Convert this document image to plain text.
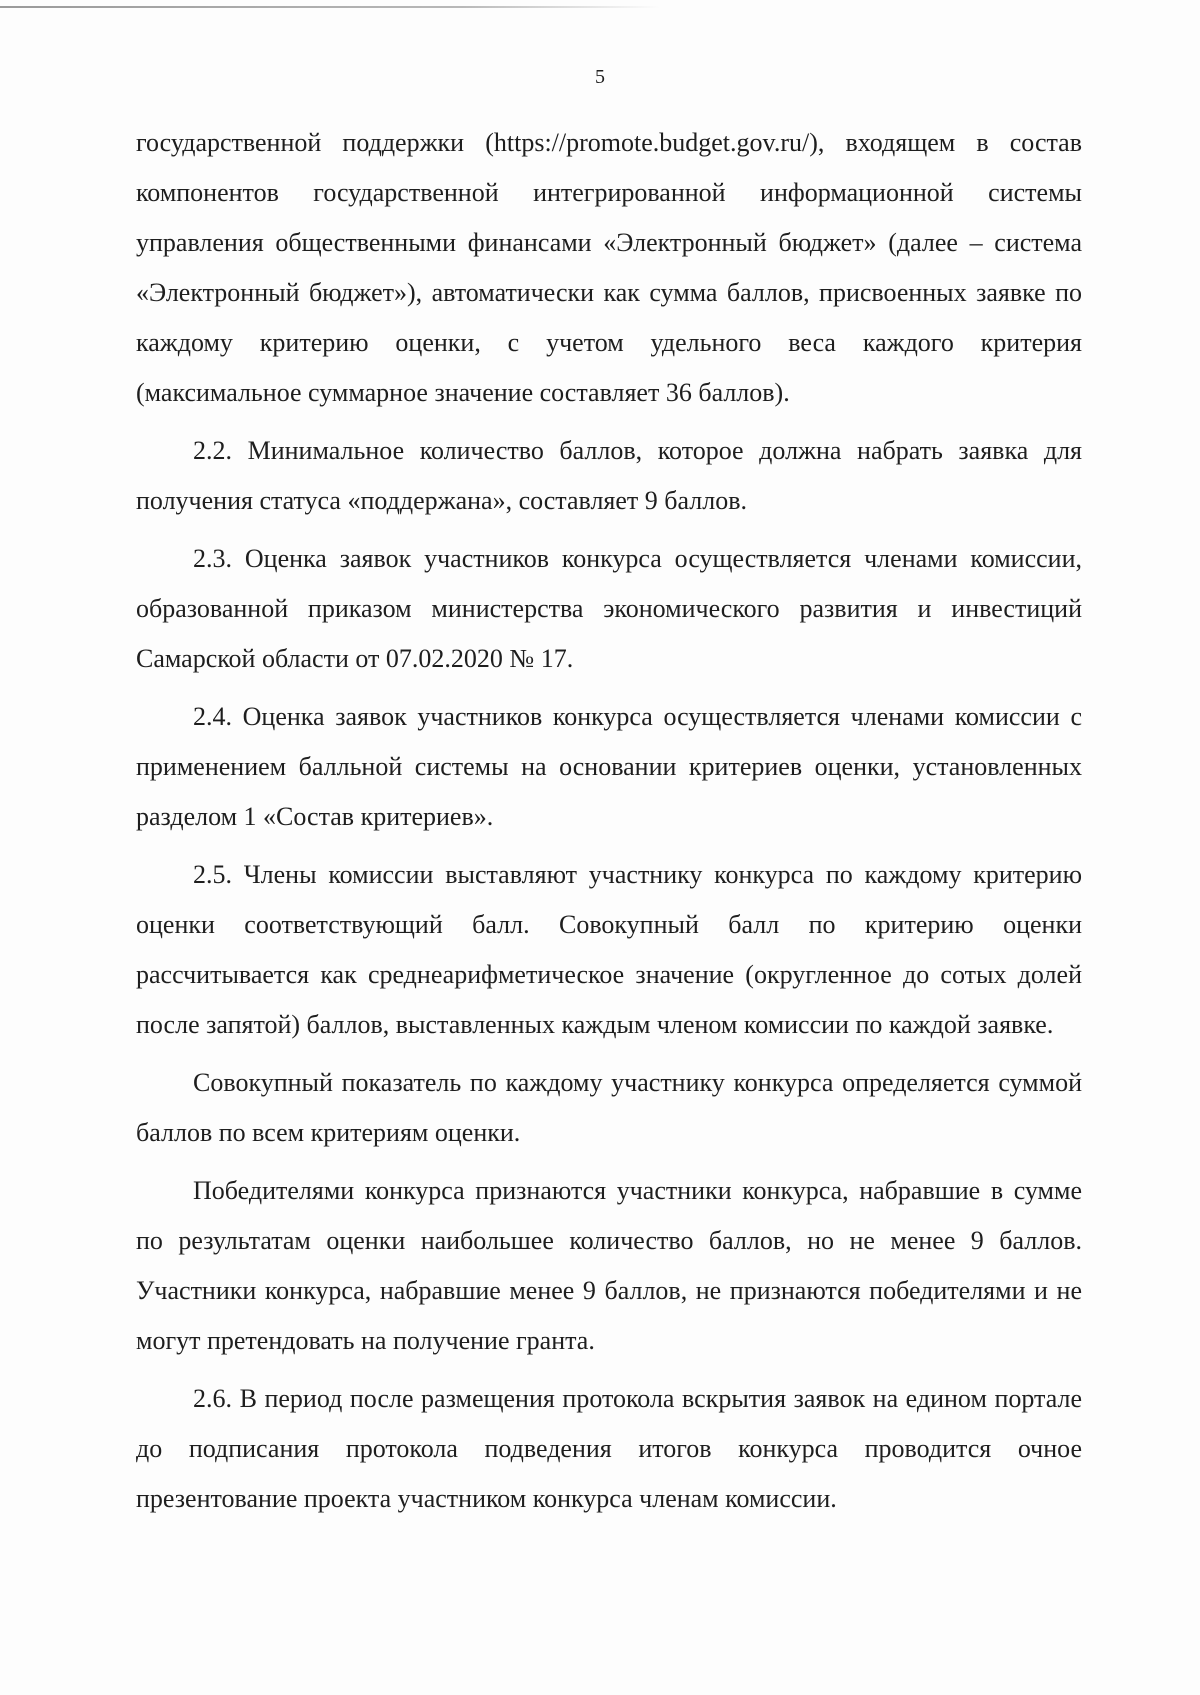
5

государственной поддержки (https://promote.budget.gov.ru/), входящем в состав компонентов государственной интегрированной информационной системы управления общественными финансами «Электронный бюджет» (далее – система «Электронный бюджет»), автоматически как сумма баллов, присвоенных заявке по каждому критерию оценки, с учетом удельного веса каждого критерия (максимальное суммарное значение составляет 36 баллов).

2.2. Минимальное количество баллов, которое должна набрать заявка для получения статуса «поддержана», составляет 9 баллов.

2.3. Оценка заявок участников конкурса осуществляется членами комиссии, образованной приказом министерства экономического развития и инвестиций Самарской области от 07.02.2020 № 17.

2.4. Оценка заявок участников конкурса осуществляется членами комиссии с применением балльной системы на основании критериев оценки, установленных разделом 1 «Состав критериев».

2.5. Члены комиссии выставляют участнику конкурса по каждому критерию оценки соответствующий балл. Совокупный балл по критерию оценки рассчитывается как среднеарифметическое значение (округленное до сотых долей после запятой) баллов, выставленных каждым членом комиссии по каждой заявке.

Совокупный показатель по каждому участнику конкурса определяется суммой баллов по всем критериям оценки.

Победителями конкурса признаются участники конкурса, набравшие в сумме по результатам оценки наибольшее количество баллов, но не менее 9 баллов. Участники конкурса, набравшие менее 9 баллов, не признаются победителями и не могут претендовать на получение гранта.

2.6. В период после размещения протокола вскрытия заявок на едином портале до подписания протокола подведения итогов конкурса проводится очное презентование проекта участником конкурса членам комиссии.
